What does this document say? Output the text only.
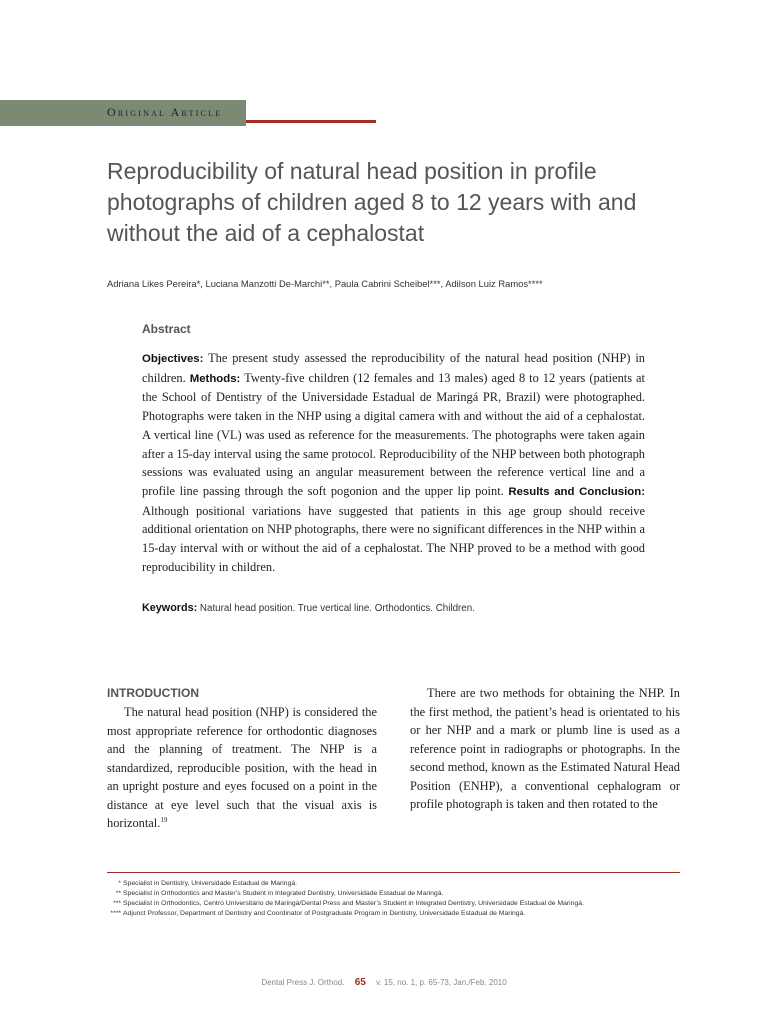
Original Article
Reproducibility of natural head position in profile photographs of children aged 8 to 12 years with and without the aid of a cephalostat
Adriana Likes Pereira*, Luciana Manzotti De-Marchi**, Paula Cabrini Scheibel***, Adilson Luiz Ramos****
Abstract
Objectives: The present study assessed the reproducibility of the natural head position (NHP) in children. Methods: Twenty-five children (12 females and 13 males) aged 8 to 12 years (patients at the School of Dentistry of the Universidade Estadual de Maringá PR, Brazil) were photographed. Photographs were taken in the NHP using a digital camera with and without the aid of a cephalostat. A vertical line (VL) was used as reference for the measurements. The photographs were taken again after a 15-day interval using the same protocol. Reproducibility of the NHP between both photograph sessions was evaluated using an angular measurement between the reference vertical line and a profile line passing through the soft pogonion and the upper lip point. Results and Conclusion: Although positional variations have suggested that patients in this age group should receive additional orientation on NHP photographs, there were no significant differences in the NHP within a 15-day interval with or without the aid of a cephalostat. The NHP proved to be a method with good reproducibility in children.
Keywords: Natural head position. True vertical line. Orthodontics. Children.
INTRODUCTION

The natural head position (NHP) is considered the most appropriate reference for orthodontic diagnoses and the planning of treatment. The NHP is a standardized, reproducible position, with the head in an upright posture and eyes focused on a point in the distance at eye level such that the visual axis is horizontal.$^{19}$

There are two methods for obtaining the NHP. In the first method, the patient’s head is orientated to his or her NHP and a mark or plumb line is used as a reference point in radiographs or photographs. In the second method, known as the Estimated Natural Head Position (ENHP), a conventional cephalogram or profile photograph is taken and then rotated to the

* Specialist in Dentistry, Universidade Estadual de Maringá.
** Specialist in Orthodontics and Master’s Student in Integrated Dentistry, Universidade Estadual de Maringá.
*** Specialist in Orthodontics, Centro Universitário de Maringá/Dental Press and Master’s Student in Integrated Dentistry, Universidade Estadual de Maringá.
**** Adjunct Professor, Department of Dentistry and Coordinator of Postgraduate Program in Dentistry, Universidade Estadual de Maringá.
Dental Press J. Orthod. 65 v. 15, no. 1, p. 65-73, Jan./Feb. 2010
